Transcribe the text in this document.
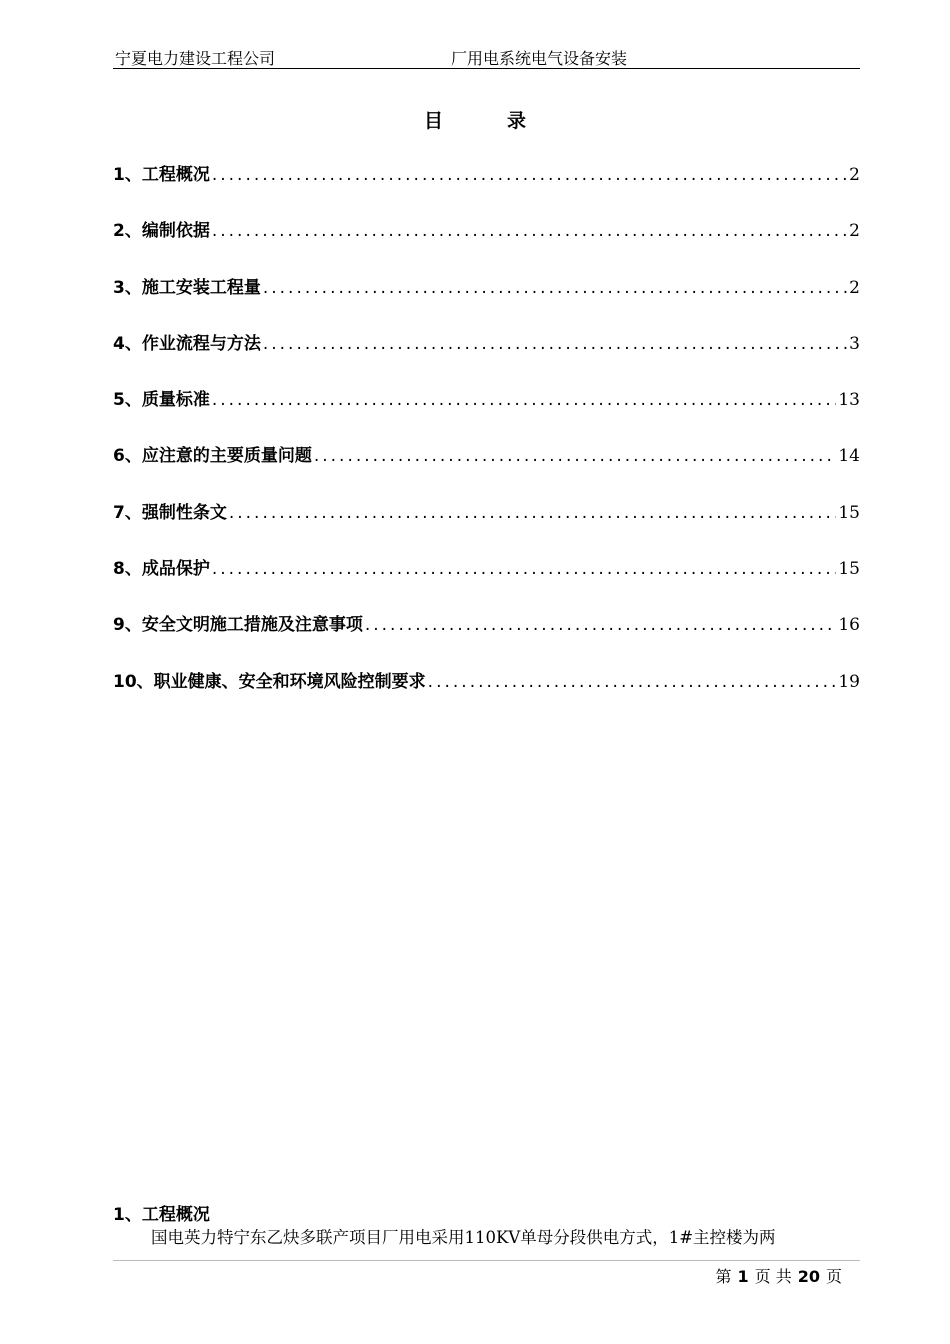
宁夏电力建设工程公司	厂用电系统电气设备安装
目	录
1、工程概况 .....	2
2、编制依据 .....	2
3、施工安装工程量 .....	2
4、作业流程与方法 .....	3
5、质量标准 .....	13
6、应注意的主要质量问题 .....	14
7、强制性条文 .....	15
8、成品保护 .....	15
9、安全文明施工措施及注意事项 .....	16
10、职业健康、安全和环境风险控制要求 .....	19
1、工程概况
国电英力特宁东乙炔多联产项目厂用电采用110KV单母分段供电方式，1#主控楼为两
第 1 页 共 20 页
